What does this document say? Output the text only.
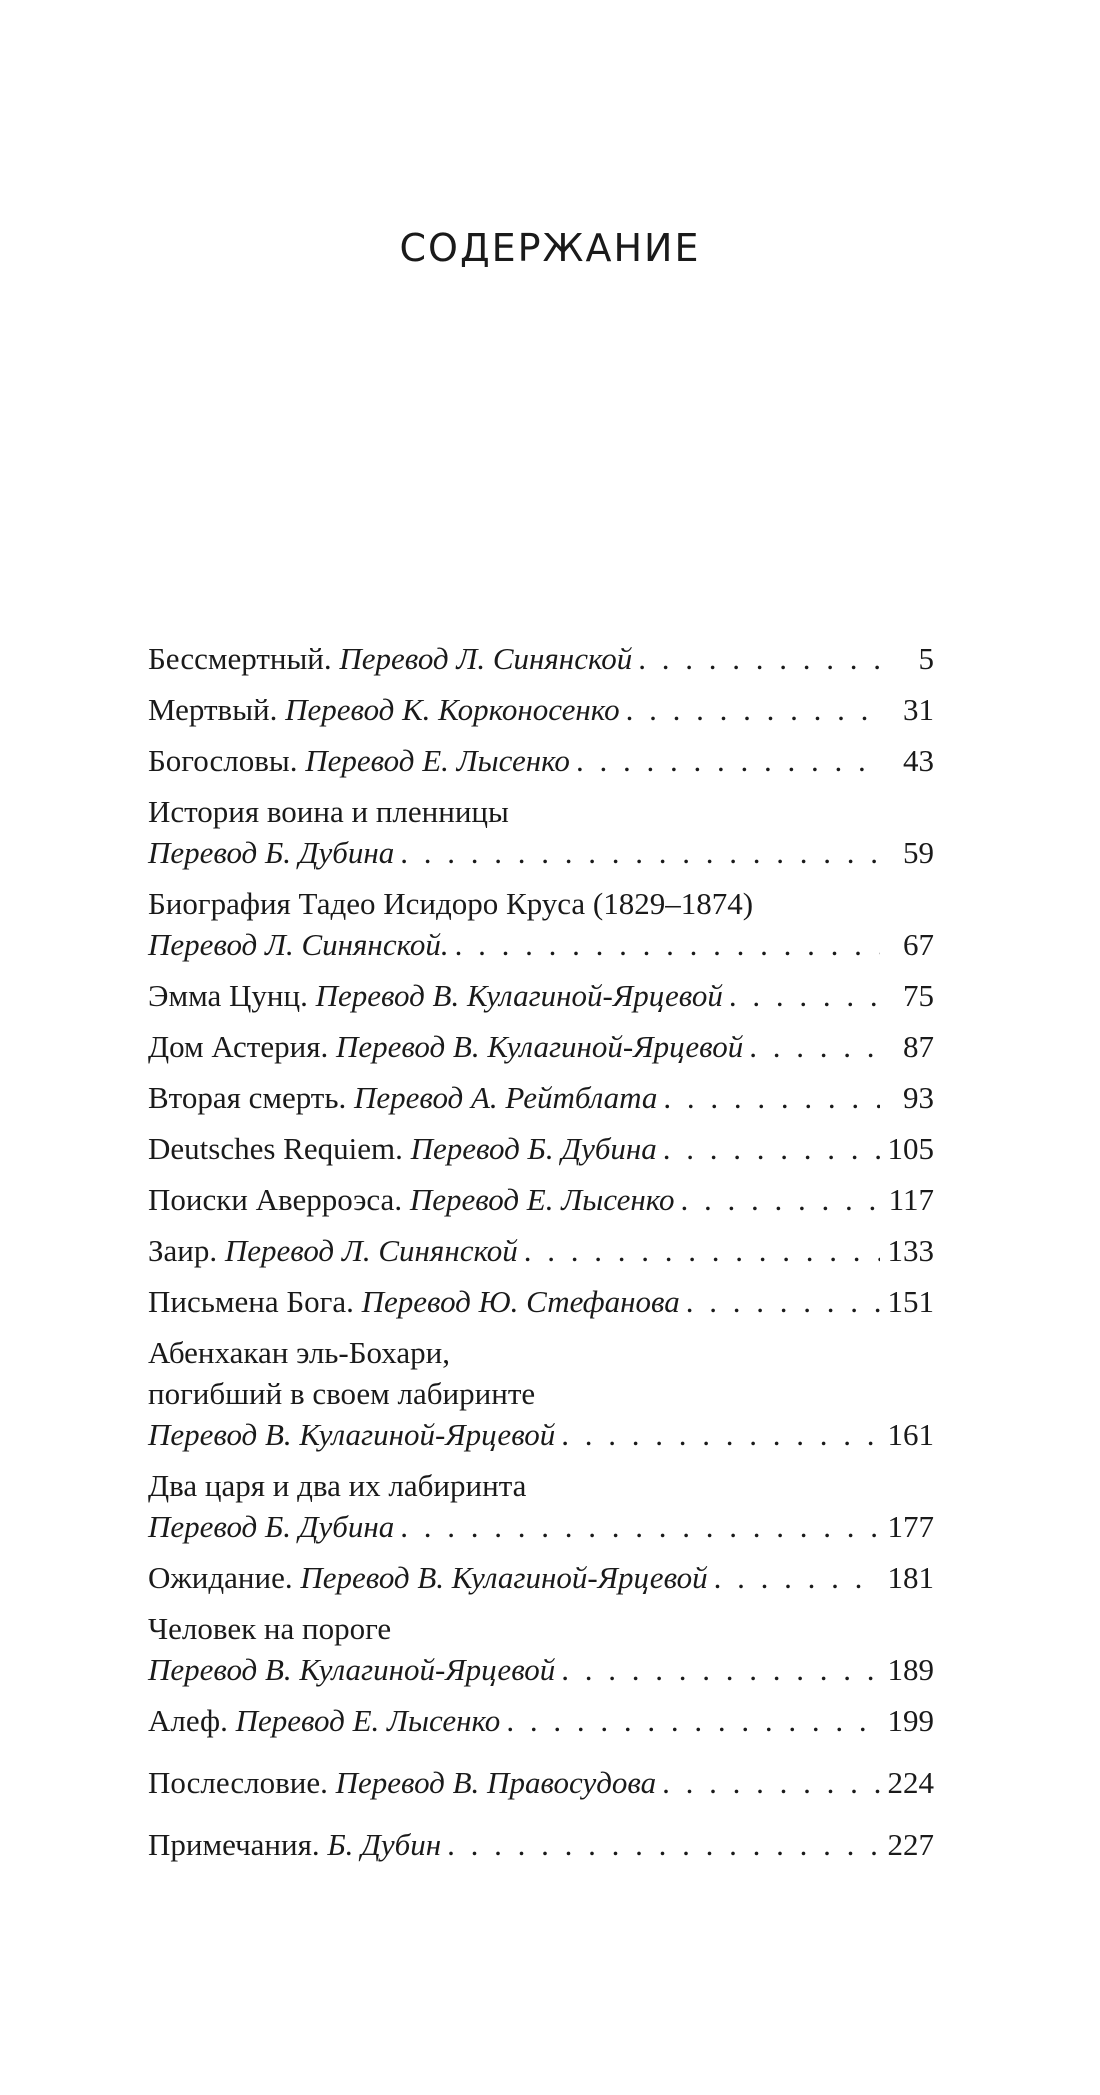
СОДЕРЖАНИЕ
Бессмертный. Перевод Л. Синянской . . .	5
Мертвый. Перевод К. Корконосенко . . .	31
Богословы. Перевод Е. Лысенко . . .	43
История воина и пленницы
Перевод Б. Дубина . . .	59
Биография Тадео Исидоро Круса (1829–1874)
Перевод Л. Синянской. . . .	67
Эмма Цунц. Перевод В. Кулагиной-Ярцевой . . .	75
Дом Астерия. Перевод В. Кулагиной-Ярцевой . . .	87
Вторая смерть. Перевод А. Рейтблата . . .	93
Deutsches Requiem. Перевод Б. Дубина . . .	105
Поиски Аверроэса. Перевод Е. Лысенко . . .	117
Заир. Перевод Л. Синянской . . .	133
Письмена Бога. Перевод Ю. Стефанова . . .	151
Абенхакан эль-Бохари,
погибший в своем лабиринте
Перевод В. Кулагиной-Ярцевой . . .	161
Два царя и два их лабиринта
Перевод Б. Дубина . . .	177
Ожидание. Перевод В. Кулагиной-Ярцевой . . .	181
Человек на пороге
Перевод В. Кулагиной-Ярцевой . . .	189
Алеф. Перевод Е. Лысенко . . .	199
Послесловие. Перевод В. Правосудова . . .	224
Примечания. Б. Дубин . . .	227
